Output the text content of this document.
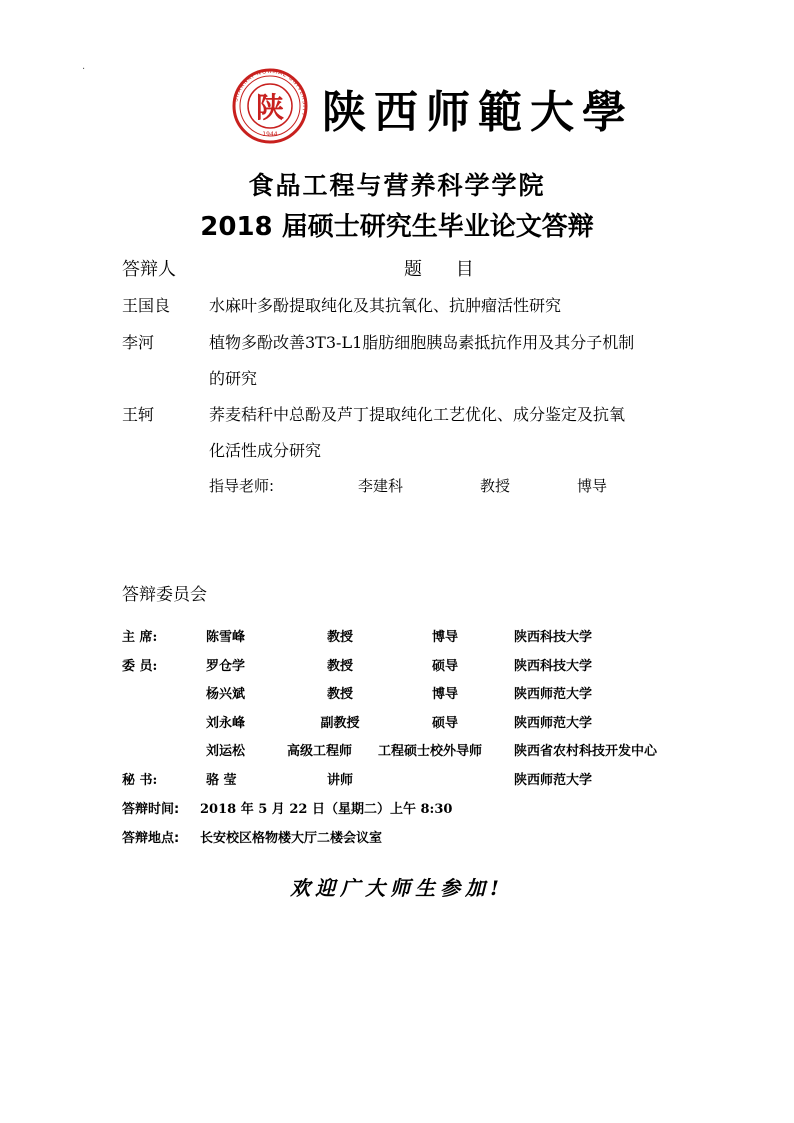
·
陕
SHAANXI NORMAL UNIVERSITY
1944 陕西师範大學
食品工程与营养科学学院
2018 届硕士研究生毕业论文答辩
答辩人	题 目
王国良 水麻叶多酚提取纯化及其抗氧化、抗肿瘤活性研究
李河	植物多酚改善3T3-L1脂肪细胞胰岛素抵抗作用及其分子机制
的研究
王轲	荞麦秸秆中总酚及芦丁提取纯化工艺优化、成分鉴定及抗氧
化活性成分研究
指导老师:	李建科	教授	博导
答辩委员会
主 席:	陈雪峰	教授	博导	陕西科技大学
委 员:	罗仓学	教授	硕导	陕西科技大学
杨兴斌	教授	博导	陕西师范大学
刘永峰	副教授	硕导	陕西师范大学
刘运松	高级工程师 工程硕士校外导师 陕西省农村科技开发中心
秘 书:	骆 莹	讲师	陕西师范大学
答辩时间: 2018 年 5 月 22 日（星期二）上午 8:30
答辩地点: 长安校区格物楼大厅二楼会议室
欢迎广大师生参加!
